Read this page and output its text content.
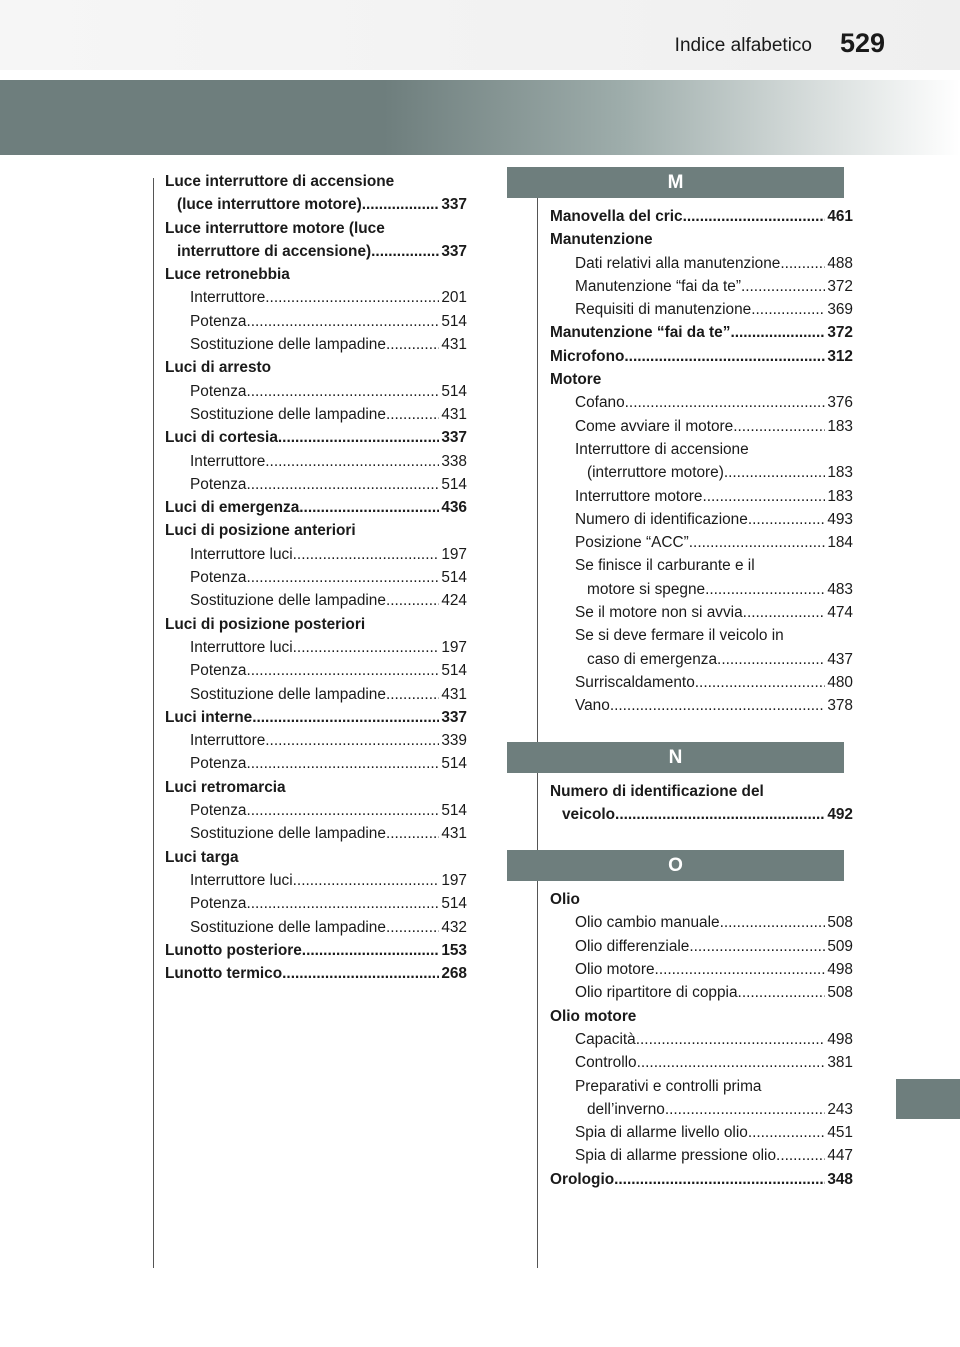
Indice alfabetico 529
Luce interruttore di accensione
(luce interruttore motore) .....	337
Luce interruttore motore (luce
interruttore di accensione) .....	337
Luce retronebbia
Interruttore .....	201
Potenza .....	514
Sostituzione delle lampadine .....	431
Luci di arresto
Potenza .....	514
Sostituzione delle lampadine .....	431
Luci di cortesia .....	337
Interruttore .....	338
Potenza .....	514
Luci di emergenza .....	436
Luci di posizione anteriori
Interruttore luci .....	197
Potenza .....	514
Sostituzione delle lampadine .....	424
Luci di posizione posteriori
Interruttore luci .....	197
Potenza .....	514
Sostituzione delle lampadine .....	431
Luci interne .....	337
Interruttore .....	339
Potenza .....	514
Luci retromarcia
Potenza .....	514
Sostituzione delle lampadine .....	431
Luci targa
Interruttore luci .....	197
Potenza .....	514
Sostituzione delle lampadine .....	432
Lunotto posteriore .....	153
Lunotto termico .....	268
M
Manovella del cric .....	461
Manutenzione
Dati relativi alla manutenzione .....	488
Manutenzione “fai da te” .....	372
Requisiti di manutenzione .....	369
Manutenzione “fai da te” .....	372
Microfono .....	312
Motore
Cofano .....	376
Come avviare il motore .....	183
Interruttore di accensione
(interruttore motore) .....	183
Interruttore motore .....	183
Numero di identificazione .....	493
Posizione “ACC” .....	184
Se finisce il carburante e il
motore si spegne .....	483
Se il motore non si avvia .....	474
Se si deve fermare il veicolo in
caso di emergenza .....	437
Surriscaldamento .....	480
Vano .....	378
N
Numero di identificazione del
veicolo .....	492
O
Olio
Olio cambio manuale .....	508
Olio differenziale .....	509
Olio motore .....	498
Olio ripartitore di coppia .....	508
Olio motore
Capacità .....	498
Controllo .....	381
Preparativi e controlli prima
dell’inverno .....	243
Spia di allarme livello olio .....	451
Spia di allarme pressione olio .....	447
Orologio .....	348
